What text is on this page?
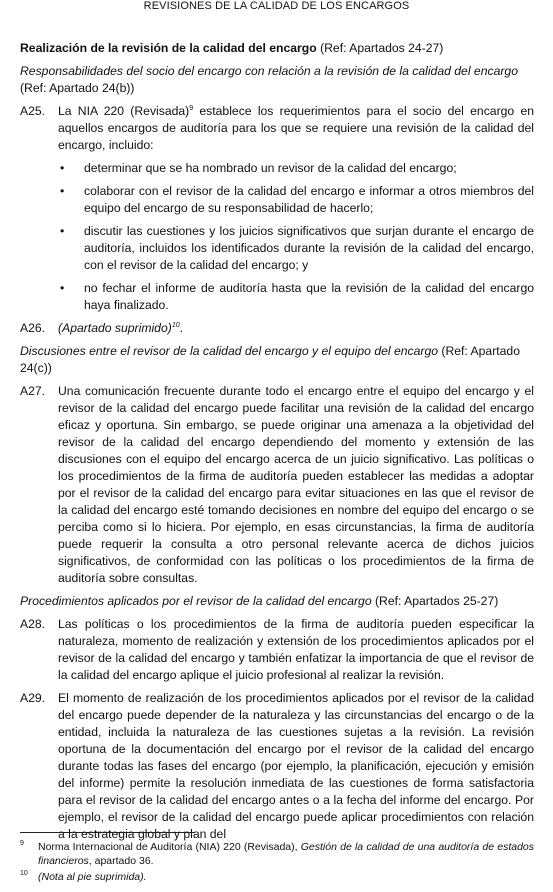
REVISIONES DE LA CALIDAD DE LOS ENCARGOS
Realización de la revisión de la calidad del encargo (Ref: Apartados 24-27)
Responsabilidades del socio del encargo con relación a la revisión de la calidad del encargo (Ref: Apartado 24(b))
A25. La NIA 220 (Revisada)$^9$ establece los requerimientos para el socio del encargo en aquellos encargos de auditoría para los que se requiere una revisión de la calidad del encargo, incluido:

• determinar que se ha nombrado un revisor de la calidad del encargo;
• colaborar con el revisor de la calidad del encargo e informar a otros miembros del equipo del encargo de su responsabilidad de hacerlo;
• discutir las cuestiones y los juicios significativos que surjan durante el encargo de auditoría, incluidos los identificados durante la revisión de la calidad del encargo, con el revisor de la calidad del encargo; y
• no fechar el informe de auditoría hasta que la revisión de la calidad del encargo haya finalizado.
A26. (Apartado suprimido)$^{10}$.

Discusiones entre el revisor de la calidad del encargo y el equipo del encargo (Ref: Apartado 24(c))
A27. Una comunicación frecuente durante todo el encargo entre el equipo del encargo y el revisor de la calidad del encargo puede facilitar una revisión de la calidad del encargo eficaz y oportuna. Sin embargo, se puede originar una amenaza a la objetividad del revisor de la calidad del encargo dependiendo del momento y extensión de las discusiones con el equipo del encargo acerca de un juicio significativo. Las políticas o los procedimientos de la firma de auditoría pueden establecer las medidas a adoptar por el revisor de la calidad del encargo para evitar situaciones en las que el revisor de la calidad del encargo esté tomando decisiones en nombre del equipo del encargo o se perciba como si lo hiciera. Por ejemplo, en esas circunstancias, la firma de auditoría puede requerir la consulta a otro personal relevante acerca de dichos juicios significativos, de conformidad con las políticas o los procedimientos de la firma de auditoría sobre consultas.

Procedimientos aplicados por el revisor de la calidad del encargo (Ref: Apartados 25-27)
A28. Las políticas o los procedimientos de la firma de auditoría pueden especificar la naturaleza, momento de realización y extensión de los procedimientos aplicados por el revisor de la calidad del encargo y también enfatizar la importancia de que el revisor de la calidad del encargo aplique el juicio profesional al realizar la revisión.

A29. El momento de realización de los procedimientos aplicados por el revisor de la calidad del encargo puede depender de la naturaleza y las circunstancias del encargo o de la entidad, incluida la naturaleza de las cuestiones sujetas a la revisión. La revisión oportuna de la documentación del encargo por el revisor de la calidad del encargo durante todas las fases del encargo (por ejemplo, la planificación, ejecución y emisión del informe) permite la resolución inmediata de las cuestiones de forma satisfactoria para el revisor de la calidad del encargo antes o a la fecha del informe del encargo. Por ejemplo, el revisor de la calidad del encargo puede aplicar procedimientos con relación a la estrategia global y plan del

9 Norma Internacional de Auditoría (NIA) 220 (Revisada), Gestión de la calidad de una auditoría de estados financieros, apartado 36.
10 (Nota al pie suprimida).
